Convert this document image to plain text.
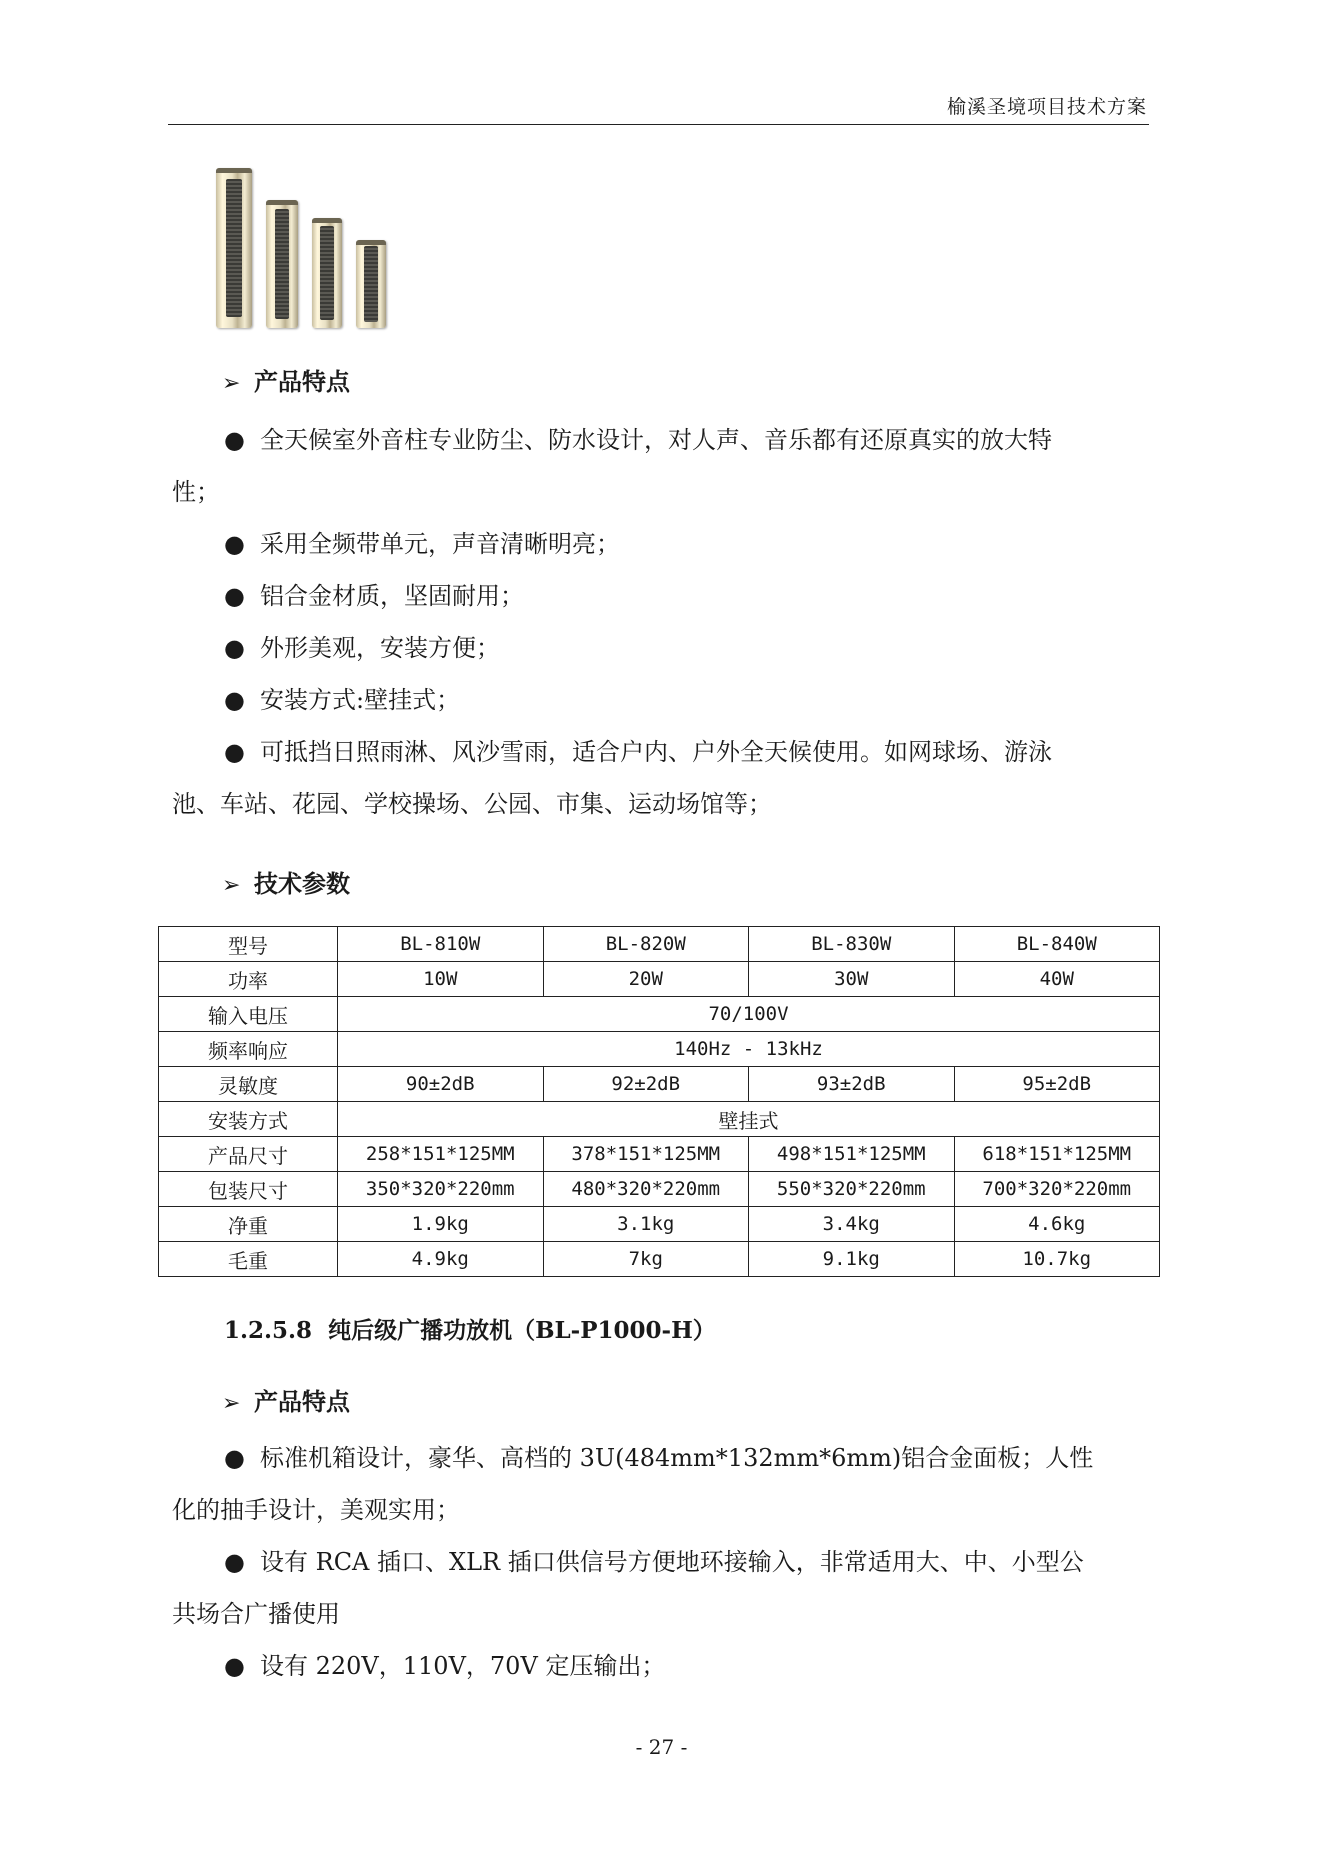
榆溪圣境项目技术方案
➢ 产品特点
● 全天候室外音柱专业防尘、防水设计，对人声、音乐都有还原真实的放大特
性；
● 采用全频带单元，声音清晰明亮；
● 铝合金材质，坚固耐用；
● 外形美观，安装方便；
● 安装方式:壁挂式；
● 可抵挡日照雨淋、风沙雪雨，适合户内、户外全天候使用。如网球场、游泳
池、车站、花园、学校操场、公园、市集、运动场馆等；
➢ 技术参数
型号	BL-810W	BL-820W	BL-830W	BL-840W
功率	10W	20W	30W	40W
输入电压	70/100V			
频率响应	140Hz - 13kHz			
灵敏度	90±2dB	92±2dB	93±2dB	95±2dB
安装方式	壁挂式			
产品尺寸	258*151*125MM	378*151*125MM	498*151*125MM	618*151*125MM
包装尺寸	350*320*220mm	480*320*220mm	550*320*220mm	700*320*220mm
净重	1.9kg	3.1kg	3.4kg	4.6kg
毛重	4.9kg	7kg	9.1kg	10.7kg
1.2.5.8 纯后级广播功放机（BL-P1000-H）
➢ 产品特点
● 标准机箱设计，豪华、高档的 3U(484mm*132mm*6mm)铝合金面板；人性
化的抽手设计，美观实用；
● 设有 RCA 插口、XLR 插口供信号方便地环接输入，非常适用大、中、小型公
共场合广播使用
● 设有 220V，110V，70V 定压输出；
- 27 -
